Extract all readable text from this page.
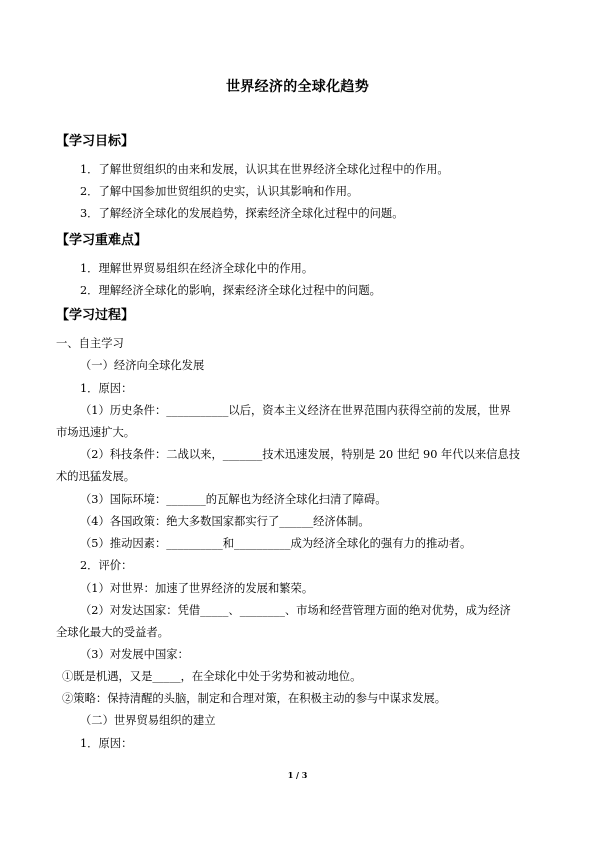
世界经济的全球化趋势
【学习目标】
1．了解世贸组织的由来和发展，认识其在世界经济全球化过程中的作用。
2．了解中国参加世贸组织的史实，认识其影响和作用。
3．了解经济全球化的发展趋势，探索经济全球化过程中的问题。
【学习重难点】
1．理解世界贸易组织在经济全球化中的作用。
2．理解经济全球化的影响，探索经济全球化过程中的问题。
【学习过程】
一、自主学习
（一）经济向全球化发展
1．原因：
（1）历史条件：___________以后，资本主义经济在世界范围内获得空前的发展，世界
市场迅速扩大。
（2）科技条件：二战以来，_______技术迅速发展，特别是 20 世纪 90 年代以来信息技
术的迅猛发展。
（3）国际环境：_______的瓦解也为经济全球化扫清了障碍。
（4）各国政策：绝大多数国家都实行了______经济体制。
（5）推动因素：__________和__________成为经济全球化的强有力的推动者。
2．评价：
（1）对世界：加速了世界经济的发展和繁荣。
（2）对发达国家：凭借_____、________、市场和经营管理方面的绝对优势，成为经济
全球化最大的受益者。
（3）对发展中国家：
①既是机遇，又是_____，在全球化中处于劣势和被动地位。
②策略：保持清醒的头脑，制定和合理对策，在积极主动的参与中谋求发展。
（二）世界贸易组织的建立
1．原因：
1 / 3
